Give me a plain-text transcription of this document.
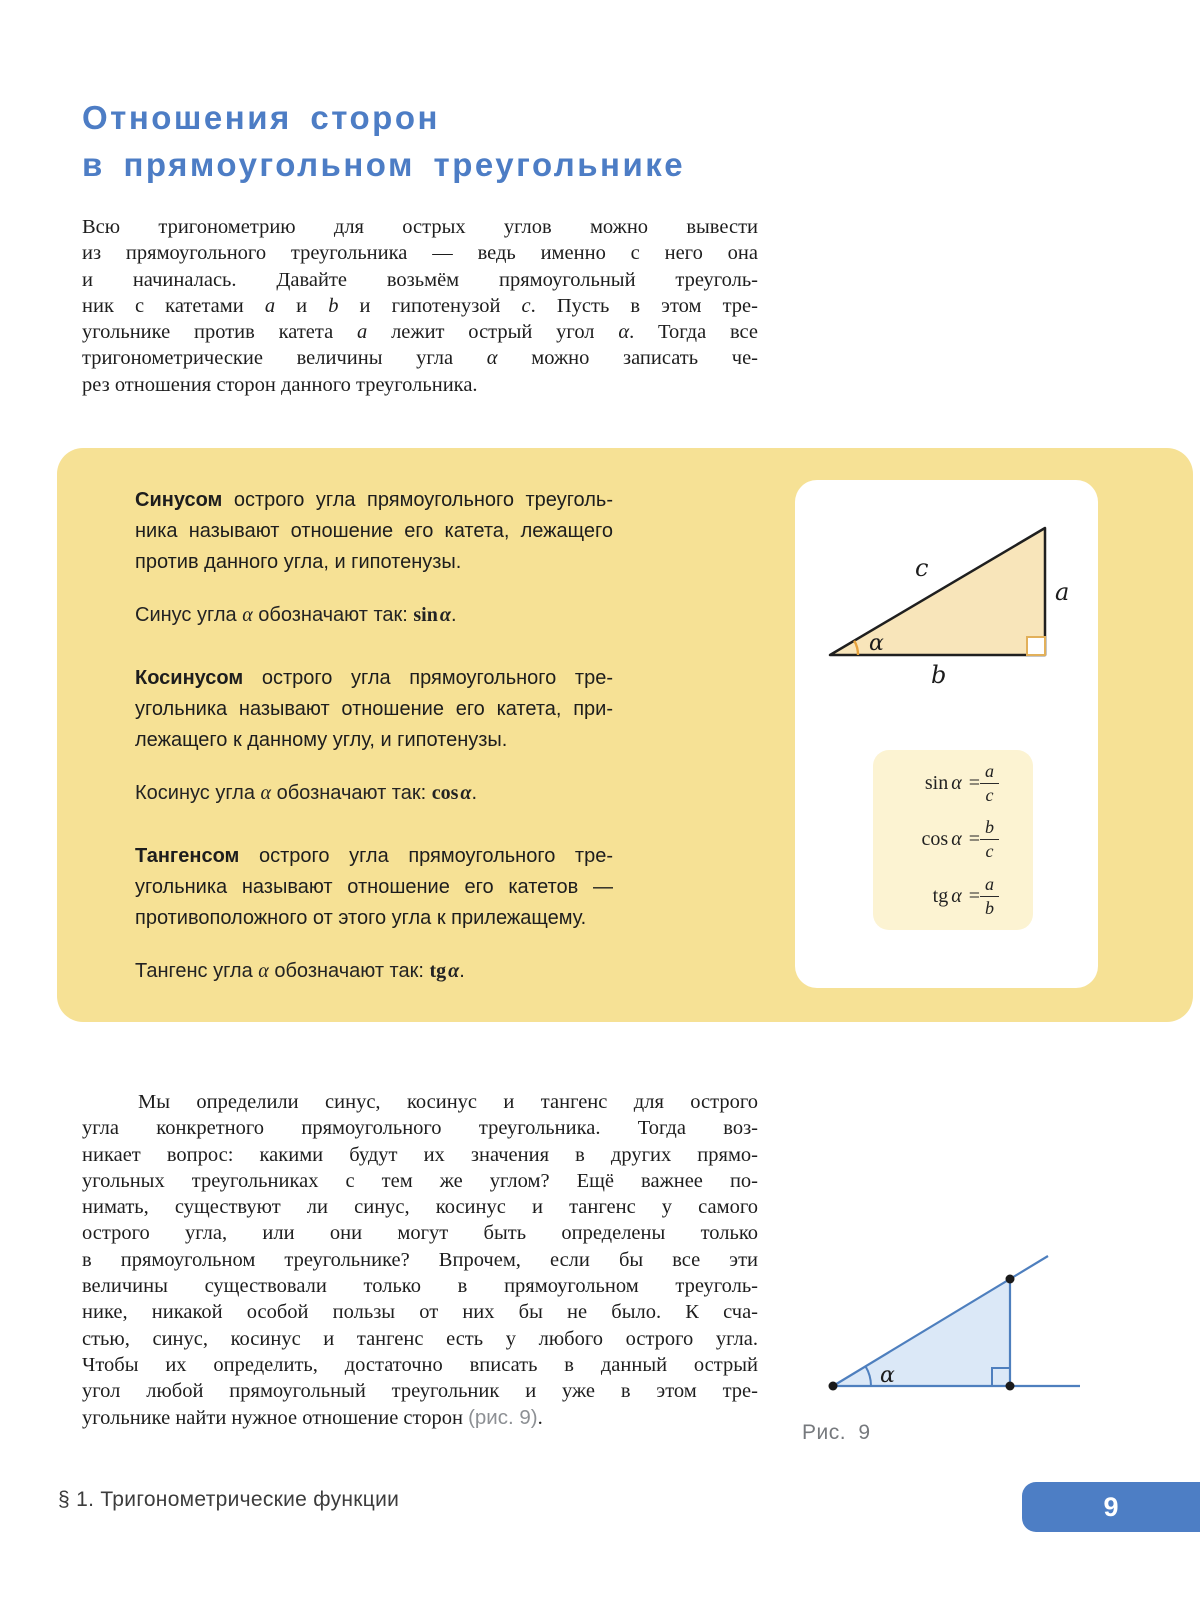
Отношения сторон
в прямоугольном треугольнике
Всю тригонометрию для острых углов можно вывести
из прямоугольного треугольника — ведь именно с него она
и начиналась. Давайте возьмём прямоугольный треуголь-
ник с катетами a и b и гипотенузой c. Пусть в этом тре-
угольнике против катета a лежит острый угол α. Тогда все
тригонометрические величины угла α можно записать че-
рез отношения сторон данного треугольника.
Синусом острого угла прямоугольного треуголь-
ника называют отношение его катета, лежащего
против данного угла, и гипотенузы.
Синус угла α обозначают так: sin α.
Косинусом острого угла прямоугольного тре-
угольника называют отношение его катета, при-
лежащего к данному углу, и гипотенузы.
Косинус угла α обозначают так: cos α.
Тангенсом острого угла прямоугольного тре-
угольника называют отношение его катетов —
противоположного от этого угла к прилежащему.
Тангенс угла α обозначают так: tg α.
c
a
b
α
$\sin \alpha = \frac{a}{c}$
$\cos \alpha = \frac{b}{c}$
tg $\alpha = \frac{a}{b}$
Мы определили синус, косинус и тангенс для острого
угла конкретного прямоугольного треугольника. Тогда воз-
никает вопрос: какими будут их значения в других прямо-
угольных треугольниках с тем же углом? Ещё важнее по-
нимать, существуют ли синус, косинус и тангенс у самого
острого угла, или они могут быть определены только
в прямоугольном треугольнике? Впрочем, если бы все эти
величины существовали только в прямоугольном треуголь-
нике, никакой особой пользы от них бы не было. К сча-
стью, синус, косинус и тангенс есть у любого острого угла.
Чтобы их определить, достаточно вписать в данный острый
угол любой прямоугольный треугольник и уже в этом тре-
угольнике найти нужное отношение сторон (рис. 9).
α
Рис. 9
§ 1. Тригонометрические функции	9
